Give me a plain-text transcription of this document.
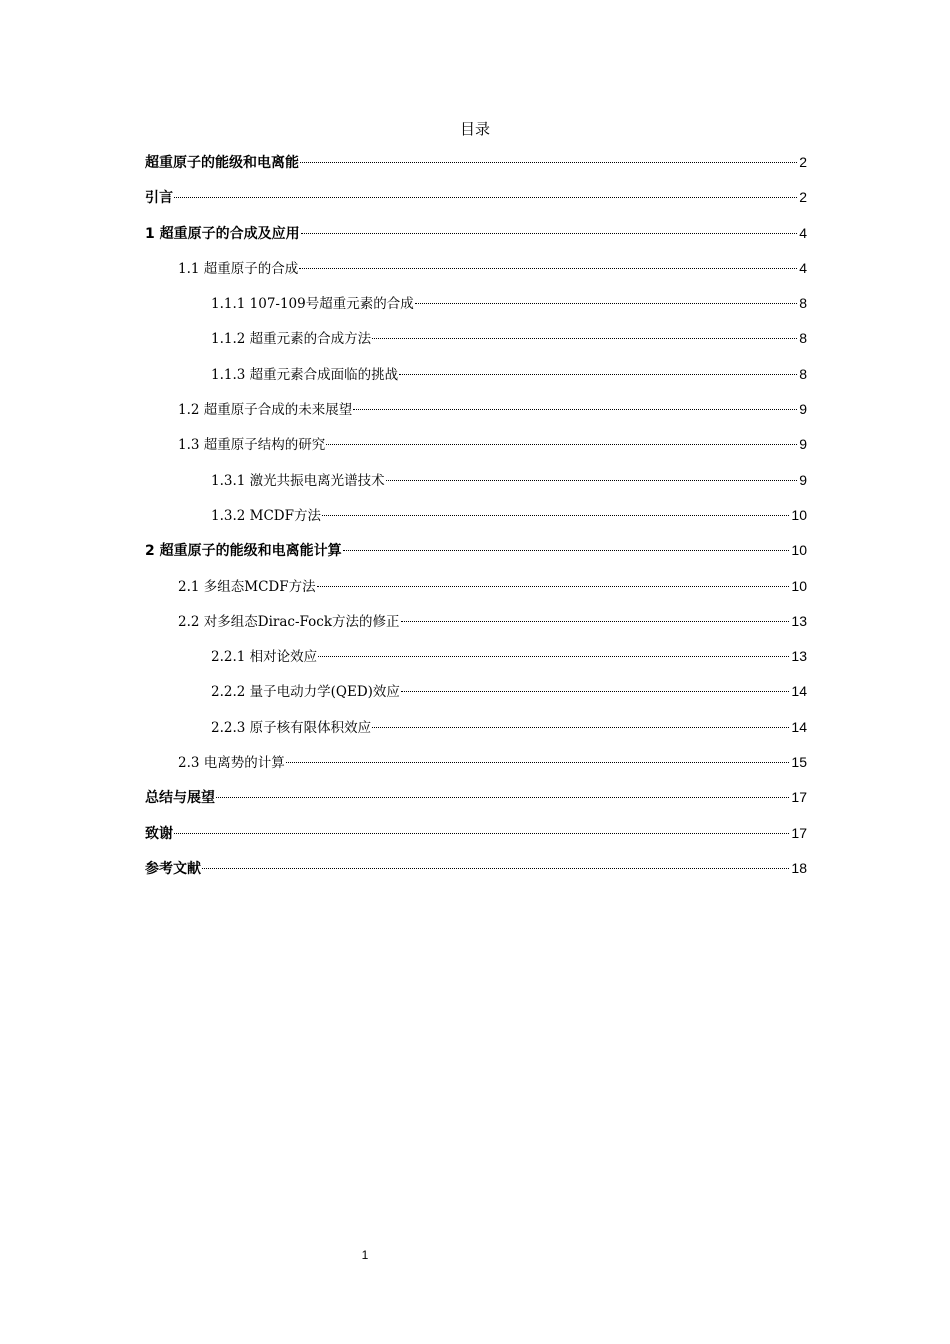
目录
超重原子的能级和电离能	2
引言	2
1 超重原子的合成及应用	4
1.1 超重原子的合成	4
1.1.1 107-109号超重元素的合成	8
1.1.2 超重元素的合成方法	8
1.1.3 超重元素合成面临的挑战	8
1.2 超重原子合成的未来展望	9
1.3 超重原子结构的研究	9
1.3.1 激光共振电离光谱技术	9
1.3.2 MCDF方法	10
2 超重原子的能级和电离能计算	10
2.1 多组态MCDF方法	10
2.2 对多组态Dirac-Fock方法的修正	13
2.2.1 相对论效应	13
2.2.2 量子电动力学(QED)效应	14
2.2.3 原子核有限体积效应	14
2.3 电离势的计算	15
总结与展望	17
致谢	17
参考文献	18
1
